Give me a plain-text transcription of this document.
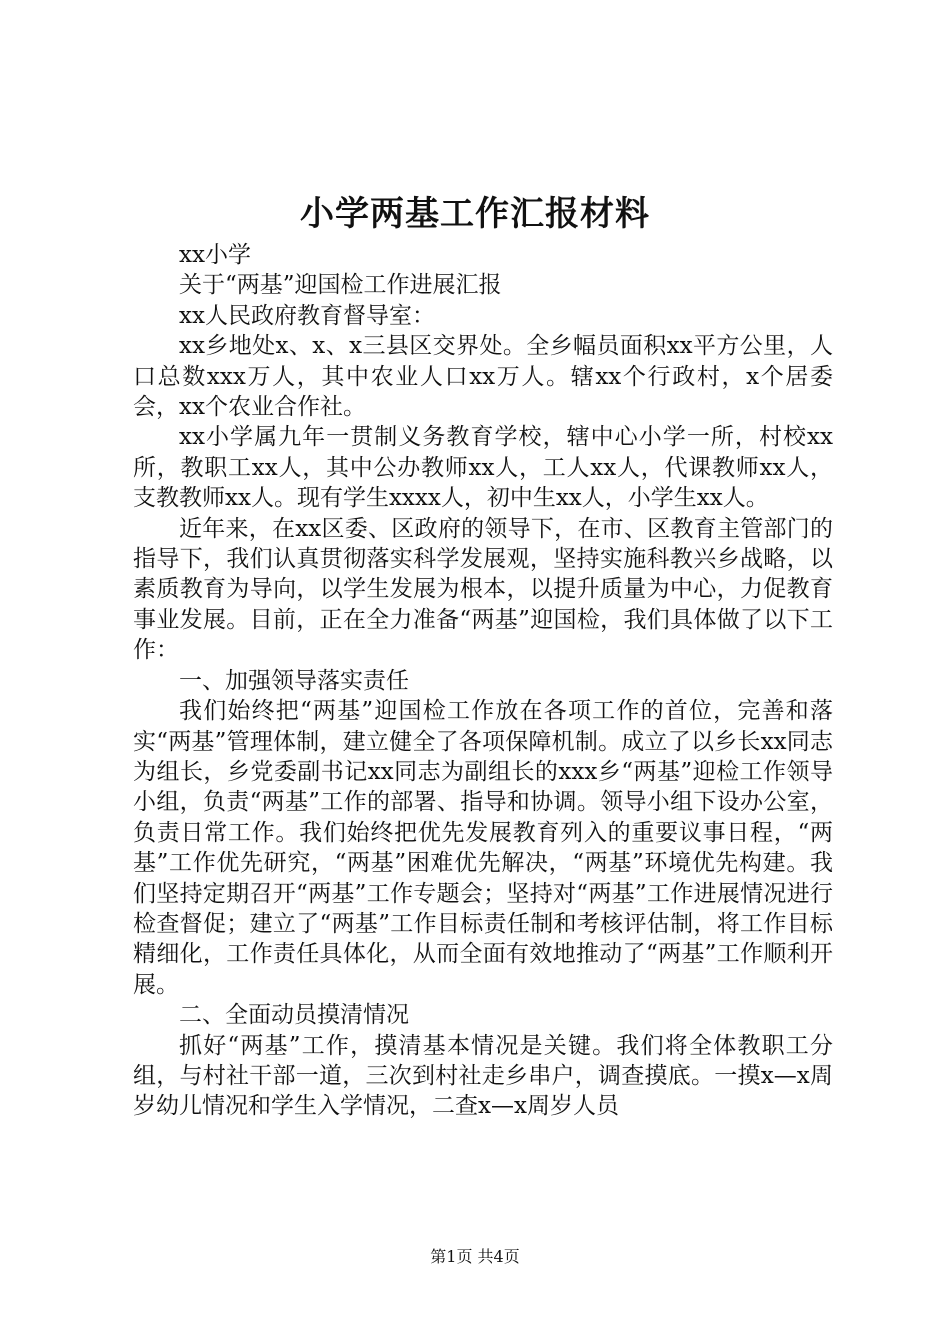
小学两基工作汇报材料

xx小学

关于“两基”迎国检工作进展汇报

xx人民政府教育督导室：

xx乡地处x、x、x三县区交界处。全乡幅员面积xx平方公里，人口总数xxx万人，其中农业人口xx万人。辖xx个行政村，x个居委会，xx个农业合作社。

xx小学属九年一贯制义务教育学校，辖中心小学一所，村校xx所，教职工xx人，其中公办教师xx人，工人xx人，代课教师xx人，支教教师xx人。现有学生xxxx人，初中生xx人，小学生xx人。

近年来，在xx区委、区政府的领导下，在市、区教育主管部门的指导下，我们认真贯彻落实科学发展观，坚持实施科教兴乡战略，以素质教育为导向，以学生发展为根本，以提升质量为中心，力促教育事业发展。目前，正在全力准备“两基”迎国检，我们具体做了以下工作：

一、加强领导落实责任

我们始终把“两基”迎国检工作放在各项工作的首位，完善和落实“两基”管理体制，建立健全了各项保障机制。成立了以乡长xx同志为组长，乡党委副书记xx同志为副组长的xxx乡“两基”迎检工作领导小组，负责“两基”工作的部署、指导和协调。领导小组下设办公室，负责日常工作。我们始终把优先发展教育列入的重要议事日程，“两基”工作优先研究，“两基”困难优先解决，“两基”环境优先构建。我们坚持定期召开“两基”工作专题会；坚持对“两基”工作进展情况进行检查督促；建立了“两基”工作目标责任制和考核评估制，将工作目标精细化，工作责任具体化，从而全面有效地推动了“两基”工作顺利开展。

二、全面动员摸清情况

抓好“两基”工作，摸清基本情况是关键。我们将全体教职工分组，与村社干部一道，三次到村社走乡串户，调查摸底。一摸x—x周岁幼儿情况和学生入学情况，二查x—x周岁人员

第1页 共4页
